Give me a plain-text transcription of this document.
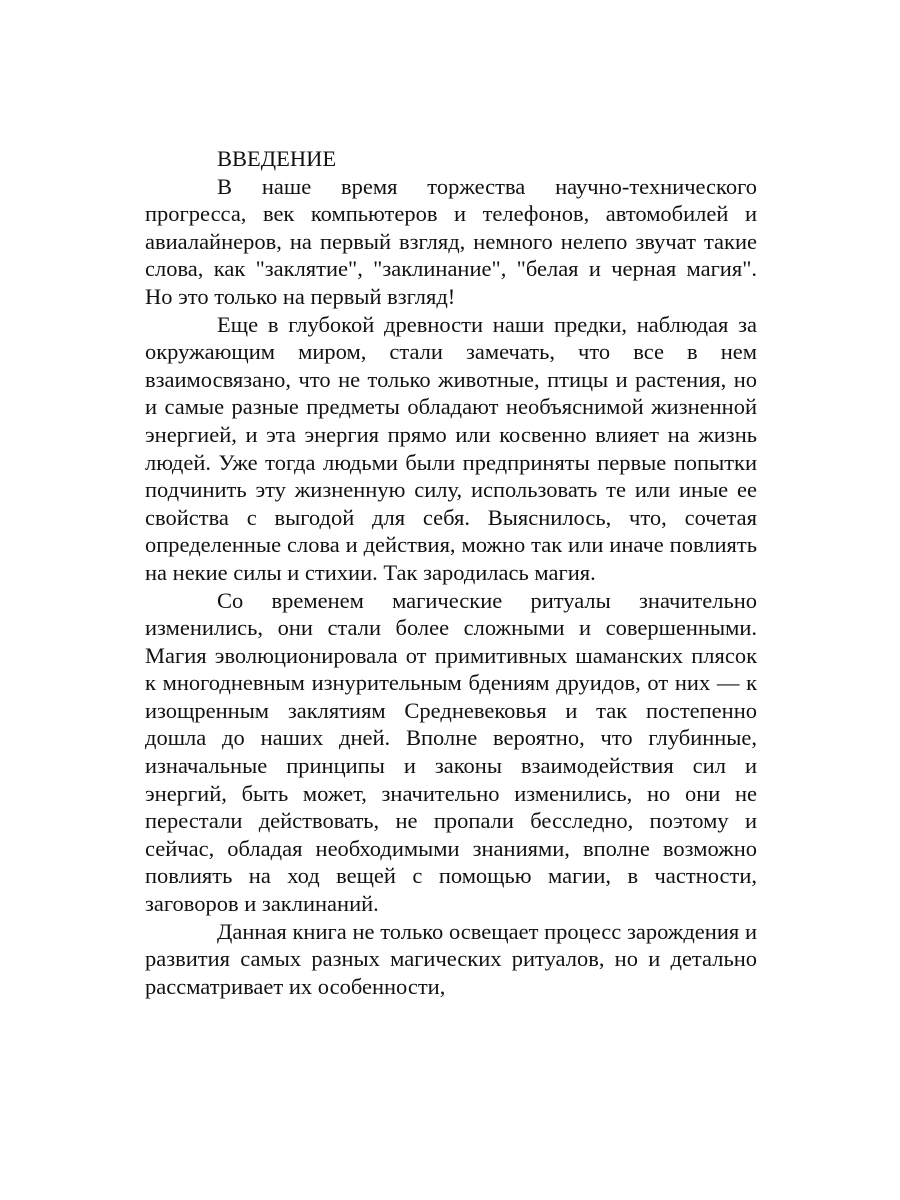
ВВЕДЕНИЕ

В наше время торжества научно-технического прогресса, век компьютеров и телефонов, автомобилей и авиалайнеров, на первый взгляд, немного нелепо звучат такие слова, как "заклятие", "заклинание", "белая и черная магия". Но это только на первый взгляд!

Еще в глубокой древности наши предки, наблюдая за окружающим миром, стали замечать, что все в нем взаимосвязано, что не только животные, птицы и растения, но и самые разные предметы обладают необъяснимой жизненной энергией, и эта энергия прямо или косвенно влияет на жизнь людей. Уже тогда людьми были предприняты первые попытки подчинить эту жизненную силу, использовать те или иные ее свойства с выгодой для себя. Выяснилось, что, сочетая определенные слова и действия, можно так или иначе повлиять на некие силы и стихии. Так зародилась магия.

Со временем магические ритуалы значительно изменились, они стали более сложными и совершенными. Магия эволюционировала от примитивных шаманских плясок к многодневным изнурительным бдениям друидов, от них — к изощренным заклятиям Средневековья и так постепенно дошла до наших дней. Вполне вероятно, что глубинные, изначальные принципы и законы взаимодействия сил и энергий, быть может, значительно изменились, но они не перестали действовать, не пропали бесследно, поэтому и сейчас, обладая необходимыми знаниями, вполне возможно повлиять на ход вещей с помощью магии, в частности, заговоров и заклинаний.

Данная книга не только освещает процесс зарождения и развития самых разных магических ритуалов, но и детально рассматривает их особенности,
